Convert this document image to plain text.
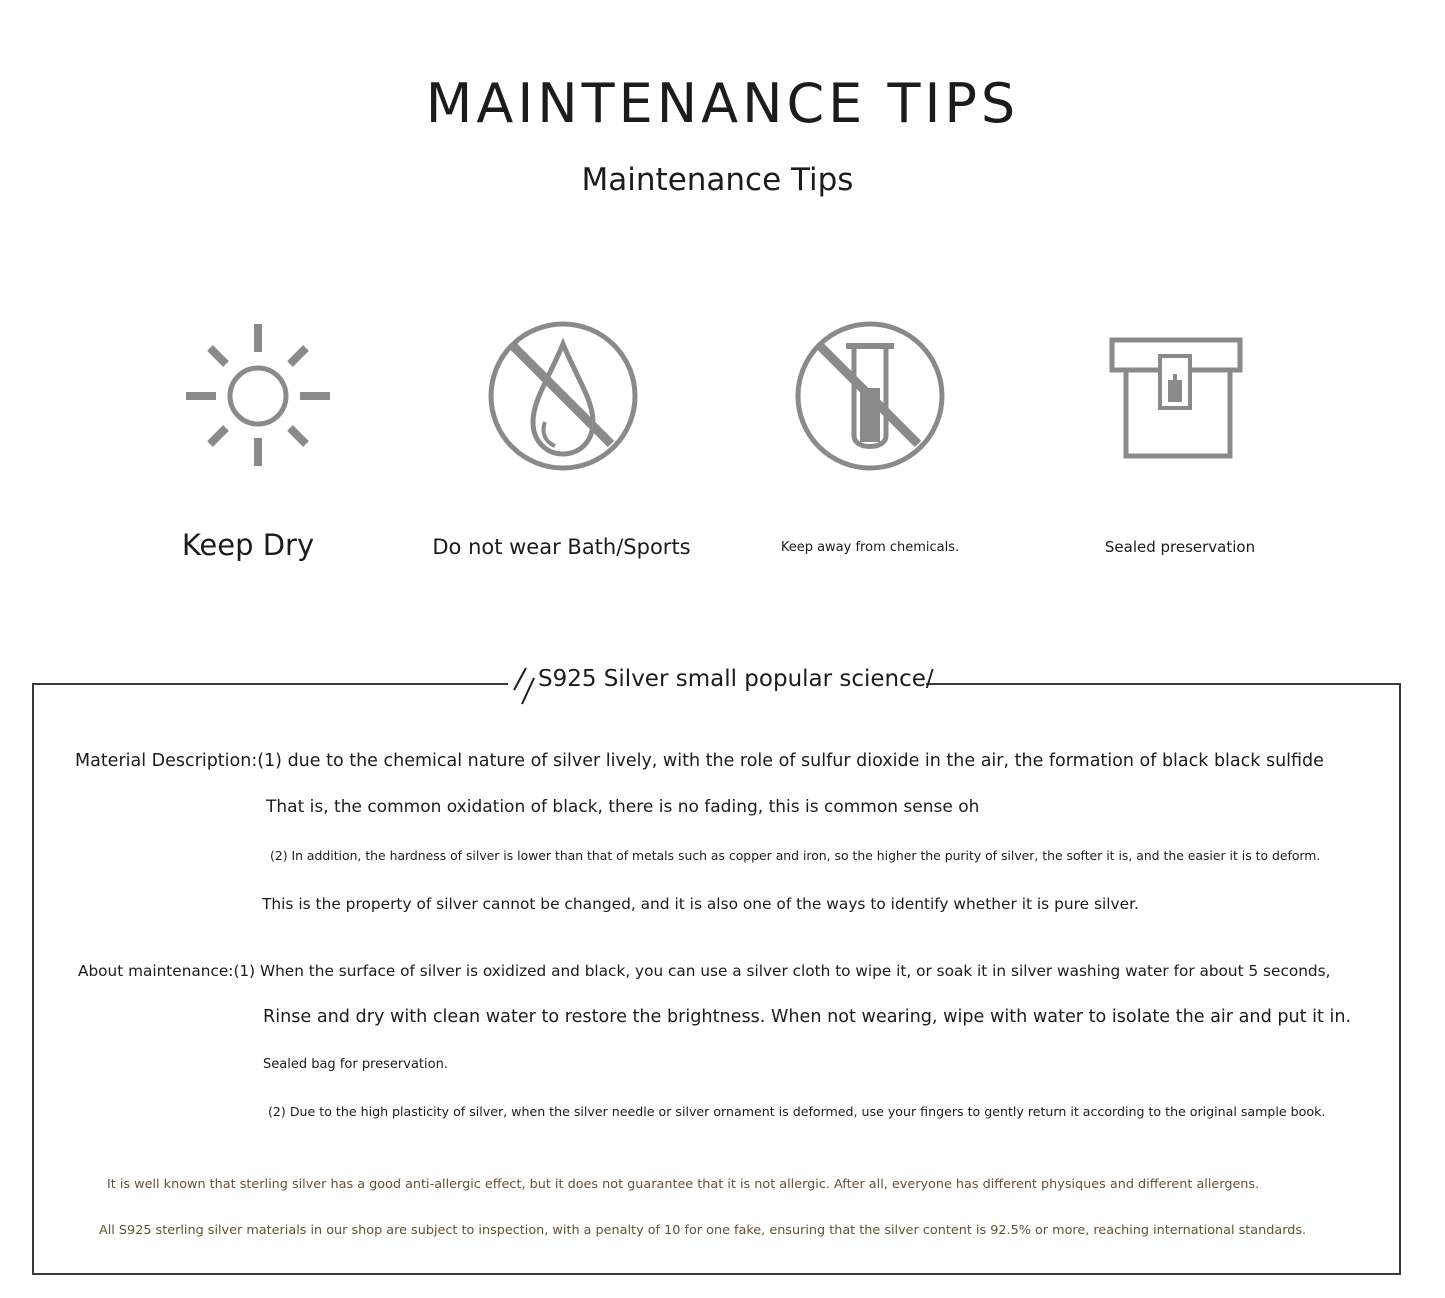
MAINTENANCE TIPS
Maintenance Tips
Keep Dry	Do not wear Bath/Sports	Keep away from chemicals.	Sealed preservation
S925 Silver small popular science/
Material Description:(1) due to the chemical nature of silver lively, with the role of sulfur dioxide in the air, the formation of black black sulfide
That is, the common oxidation of black, there is no fading, this is common sense oh
(2) In addition, the hardness of silver is lower than that of metals such as copper and iron, so the higher the purity of silver, the softer it is, and the easier it is to deform.
This is the property of silver cannot be changed, and it is also one of the ways to identify whether it is pure silver.
About maintenance:(1) When the surface of silver is oxidized and black, you can use a silver cloth to wipe it, or soak it in silver washing water for about 5 seconds,
Rinse and dry with clean water to restore the brightness. When not wearing, wipe with water to isolate the air and put it in.
Sealed bag for preservation.
(2) Due to the high plasticity of silver, when the silver needle or silver ornament is deformed, use your fingers to gently return it according to the original sample book.
It is well known that sterling silver has a good anti-allergic effect, but it does not guarantee that it is not allergic. After all, everyone has different physiques and different allergens.
All S925 sterling silver materials in our shop are subject to inspection, with a penalty of 10 for one fake, ensuring that the silver content is 92.5% or more, reaching international standards.
